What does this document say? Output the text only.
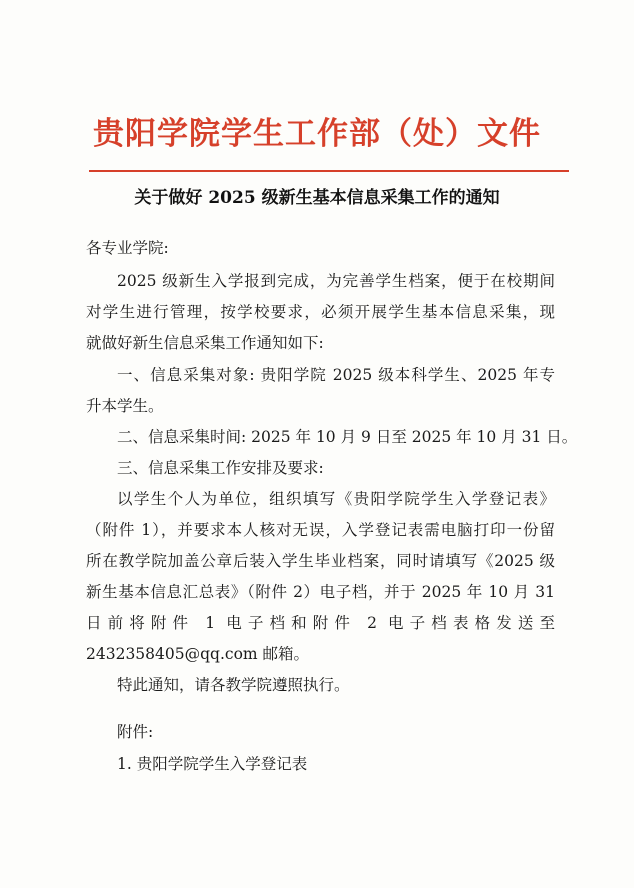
贵阳学院学生工作部（处）文件
关于做好 2025 级新生基本信息采集工作的通知
各专业学院:
2025 级新生入学报到完成，为完善学生档案，便于在校期间
对学生进行管理，按学校要求，必须开展学生基本信息采集，现
就做好新生信息采集工作通知如下:
一、信息采集对象: 贵阳学院 2025 级本科学生、2025 年专
升本学生。
二、信息采集时间: 2025 年 10 月 9 日至 2025 年 10 月 31 日。
三、信息采集工作安排及要求:
以学生个人为单位，组织填写《贵阳学院学生入学登记表》
（附件 1），并要求本人核对无误，入学登记表需电脑打印一份留
所在教学院加盖公章后装入学生毕业档案，同时请填写《2025 级
新生基本信息汇总表》（附件 2）电子档，并于 2025 年 10 月 31
日前将附件 1 电子档和附件 2 电子档表格发送至
2432358405@qq.com 邮箱。
特此通知，请各教学院遵照执行。
附件:
1. 贵阳学院学生入学登记表
